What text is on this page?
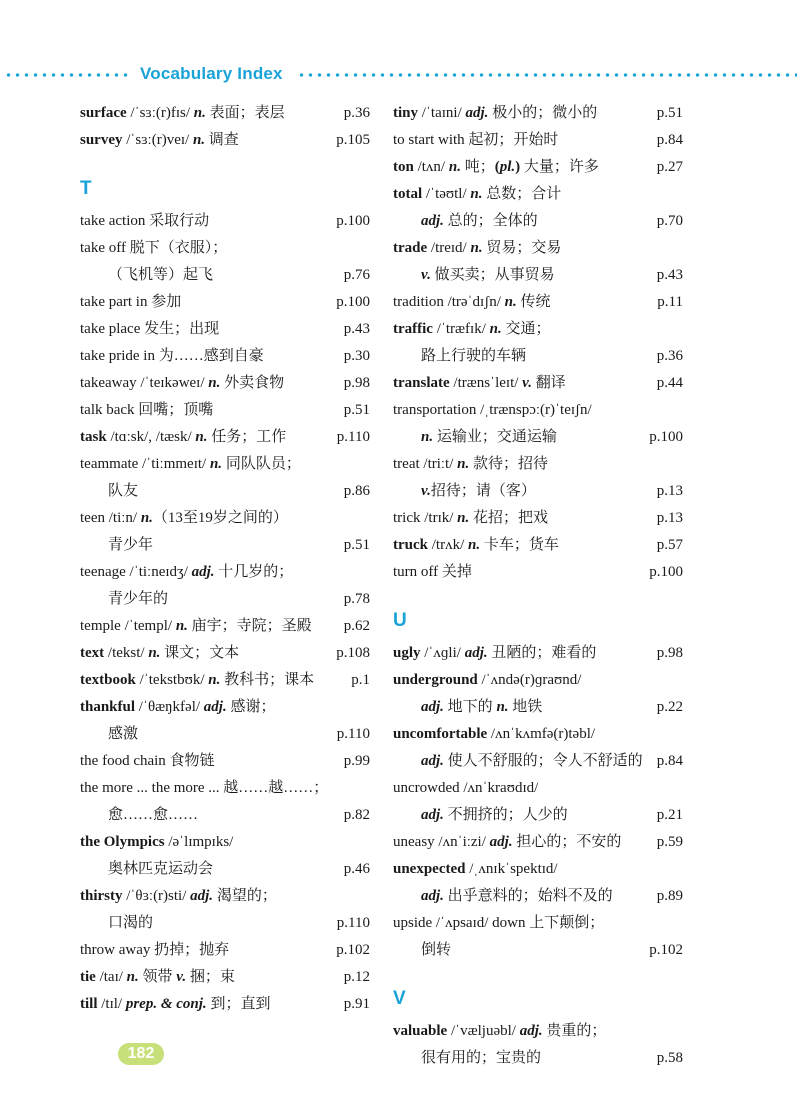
Vocabulary Index
surface /ˈsɜː(r)fɪs/ n. 表面；表层	p.36
survey /ˈsɜː(r)veɪ/ n. 调查	p.105
T
take action 采取行动	p.100
take off 脱下（衣服）；
（飞机等）起飞	p.76
take part in 参加	p.100
take place 发生；出现	p.43
take pride in 为……感到自豪	p.30
takeaway /ˈteɪkəweɪ/ n. 外卖食物	p.98
talk back 回嘴；顶嘴	p.51
task /tɑːsk/, /tæsk/ n. 任务；工作	p.110
teammate /ˈtiːmmeɪt/ n. 同队队员；
队友	p.86
teen /tiːn/ n.（13至19岁之间的）
青少年	p.51
teenage /ˈtiːneɪdʒ/ adj. 十几岁的；
青少年的	p.78
temple /ˈtempl/ n. 庙宇；寺院；圣殿 p.62
text /tekst/ n. 课文；文本	p.108
textbook /ˈtekstbʊk/ n. 教科书；课本 p.1
thankful /ˈθæŋkfəl/ adj. 感谢；
感激	p.110
the food chain 食物链	p.99
the more ... the more ... 越……越……；
愈……愈……	p.82
the Olympics /əˈlɪmpɪks/
奥林匹克运动会	p.46
thirsty /ˈθɜː(r)sti/ adj. 渴望的；
口渴的	p.110
throw away 扔掉；抛弃	p.102
tie /taɪ/ n. 领带 v. 捆；束	p.12
till /tɪl/ prep. & conj. 到；直到	p.91
tiny /ˈtaɪni/ adj. 极小的；微小的	p.51
to start with 起初；开始时	p.84
ton /tʌn/ n. 吨；(pl.) 大量；许多	p.27
total /ˈtəʊtl/ n. 总数；合计
adj. 总的；全体的	p.70
trade /treɪd/ n. 贸易；交易
v. 做买卖；从事贸易	p.43
tradition /trəˈdɪʃn/ n. 传统	p.11
traffic /ˈtræfɪk/ n. 交通；
路上行驶的车辆	p.36
translate /trænsˈleɪt/ v. 翻译	p.44
transportation /ˌtrænspɔː(r)ˈteɪʃn/
n. 运输业；交通运输	p.100
treat /triːt/ n. 款待；招待
v.招待；请（客）	p.13
trick /trɪk/ n. 花招；把戏	p.13
truck /trʌk/ n. 卡车；货车	p.57
turn off 关掉	p.100
U
ugly /ˈʌɡli/ adj. 丑陋的；难看的	p.98
underground /ˈʌndə(r)ɡraʊnd/
adj. 地下的 n. 地铁	p.22
uncomfortable /ʌnˈkʌmfə(r)təbl/
adj. 使人不舒服的；令人不舒适的 p.84
uncrowded /ʌnˈkraʊdɪd/
adj. 不拥挤的；人少的	p.21
uneasy /ʌnˈiːzi/ adj. 担心的；不安的 p.59
unexpected /ˌʌnɪkˈspektɪd/
adj. 出乎意料的；始料不及的	p.89
upside /ˈʌpsaɪd/ down 上下颠倒；
倒转	p.102
V
valuable /ˈvæljuəbl/ adj. 贵重的；
很有用的；宝贵的	p.58
182
